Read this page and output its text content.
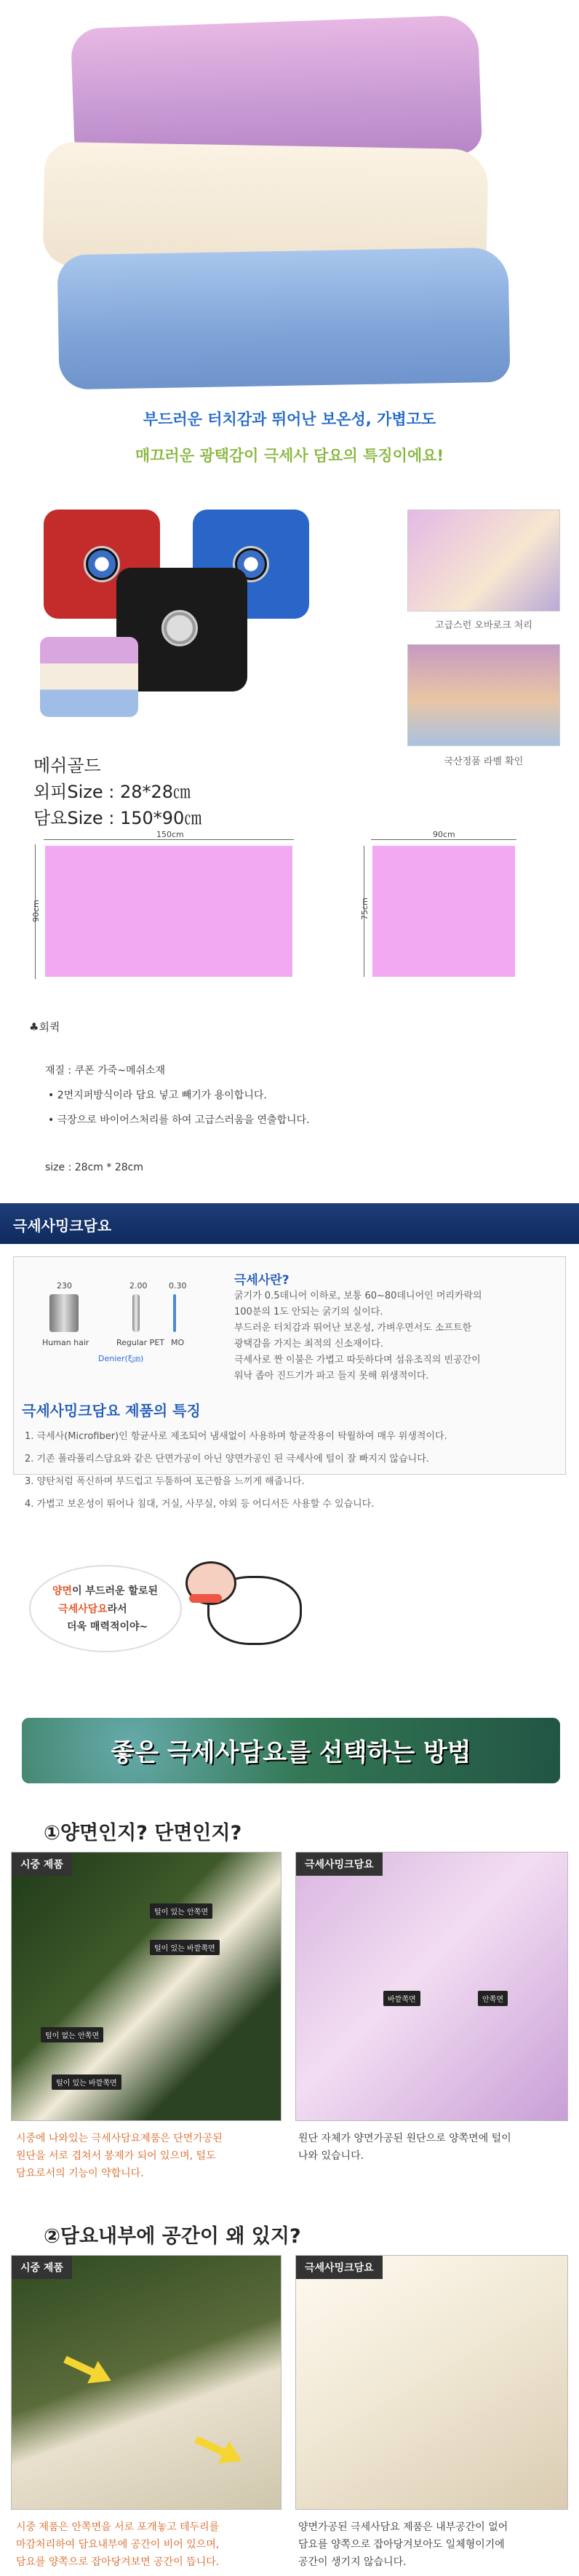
부드러운 터치감과 뛰어난 보온성, 가볍고도
매끄러운 광택감이 극세사 담요의 특징이에요!
고급스런 오바로크 처리
국산정품 라벨 확인
메쉬골드
외피Size : 28*28㎝
담요Size : 150*90㎝
150cm
90cm
90cm
75cm
♣회퀵
재질 : 쿠폰 가죽~메쉬소재
• 2면지퍼방식이라 담요 넣고 빼기가 용이합니다.
• 극장으로 바이어스처리를 하여 고급스러움을 연출합니다.
size : 28cm * 28cm
극세사밍크담요
230	2.00	0.30
Human hair	Regular PET MO
Denier(ξ㎛)
극세사란?
굵기가 0.5데니어 이하로, 보통 60~80데니어인 머리카락의
100분의 1도 안되는 굵기의 실이다.
부드러운 터치감과 뛰어난 보온성, 가벼우면서도 소프트한
광택감을 가지는 최적의 신소재이다.
극세사로 짠 이불은 가볍고 따듯하다며 섬유조직의 빈공간이
워낙 좁아 진드기가 파고 들지 못해 위생적이다.
극세사밍크담요 제품의 특징
1. 극세사(Microfiber)인 항균사로 제조되어 냄새없이 사용하며 항균작용이 탁월하여 매우 위생적이다.
2. 기존 폴라폴리스담요와 같은 단면가공이 아닌 양면가공인 된 극세사에 털이 잘 빠지지 않습니다.
3. 양탄처럼 폭신하며 부드럽고 두툼하여 포근함을 느끼게 해줍니다.
4. 가볍고 보온성이 뛰어나 침대, 거실, 사무실, 야외 등 어디서든 사용할 수 있습니다.
양면이 부드러운 할로된
극세사담요라서
더욱 매력적이야~
좋은 극세사담요를 선택하는 방법
①양면인지? 단면인지?
시중 제품
털이 있는 안쪽면
털이 있는 바깥쪽면
털이 없는 안쪽면
털이 있는 바깥쪽면
극세사밍크담요
바깥쪽면	안쪽면
시중에 나와있는 극세사담요제품은 단면가공된
원단을 서로 겹쳐서 봉제가 되어 있으며, 털도
담요로서의 기능이 약합니다.
원단 자체가 양면가공된 원단으로 양쪽면에 털이
나와 있습니다.
②담요내부에 공간이 왜 있지?
시중 제품	극세사밍크담요
시중 제품은 안쪽면을 서로 포개놓고 테두리를
마감처리하여 담요내부에 공간이 비어 있으며,
담요를 양쪽으로 잡아당겨보면 공간이 뜹니다.
양면가공된 극세사담요 제품은 내부공간이 없어
담요를 양쪽으로 잡아당겨보아도 일체형이기에
공간이 생기지 않습니다.
